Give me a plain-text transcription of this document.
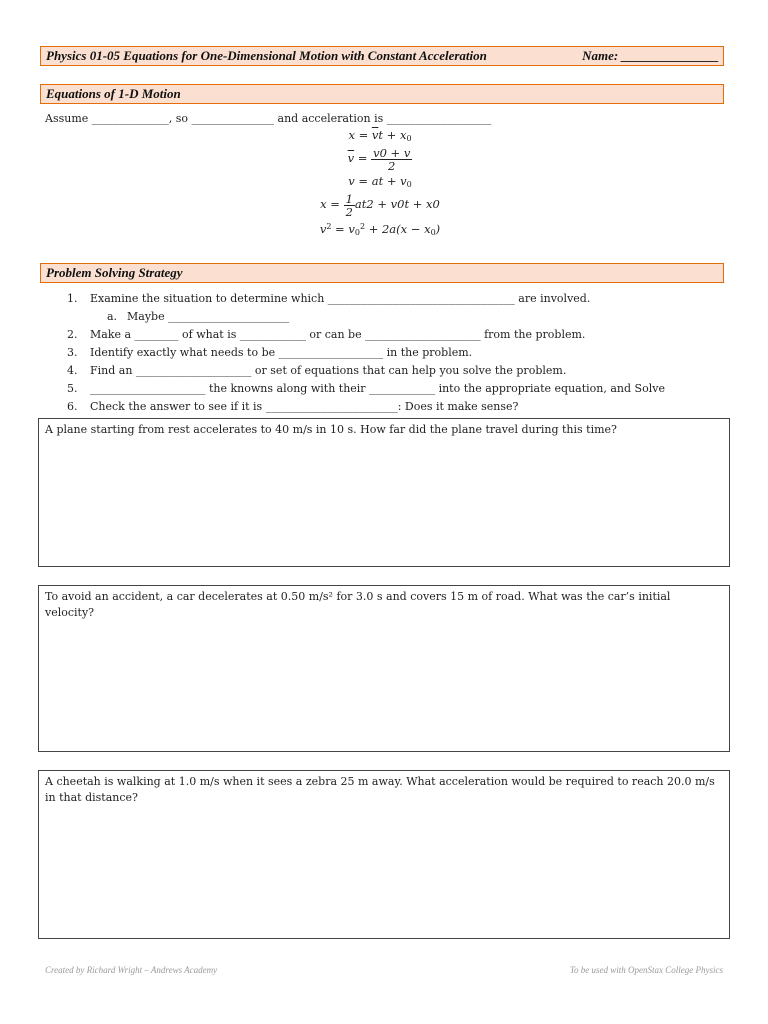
Physics 01-05 Equations for One-Dimensional Motion with Constant Acceleration	Name: _______________
Equations of 1-D Motion
Assume ______________, so _______________ and acceleration is ___________________
$x = \overline{v}t + x0$
$\overline{v} = \frac{v0 + v}{2}$
v = at + v0
$x = \frac{1}{2} at2 + v0t + x0$
$v^2 = v0^2 + 2a(x - x0)$
Problem Solving Strategy
1. Examine the situation to determine which __________________________________ are involved.
a. Maybe ______________________
2. Make a ________ of what is ____________ or can be _____________________ from the problem.
3. Identify exactly what needs to be ___________________ in the problem.
4. Find an _____________________ or set of equations that can help you solve the problem.
5. _____________________ the knowns along with their ____________ into the appropriate equation, and Solve
6. Check the answer to see if it is ________________________: Does it make sense?
A plane starting from rest accelerates to 40 m/s in 10 s. How far did the plane travel during this time?
To avoid an accident, a car decelerates at 0.50 m/s² for 3.0 s and covers 15 m of road. What was the car’s initial velocity?
A cheetah is walking at 1.0 m/s when it sees a zebra 25 m away. What acceleration would be required to reach 20.0 m/s in that distance?
Created by Richard Wright – Andrews Academy	To be used with OpenStax College Physics
